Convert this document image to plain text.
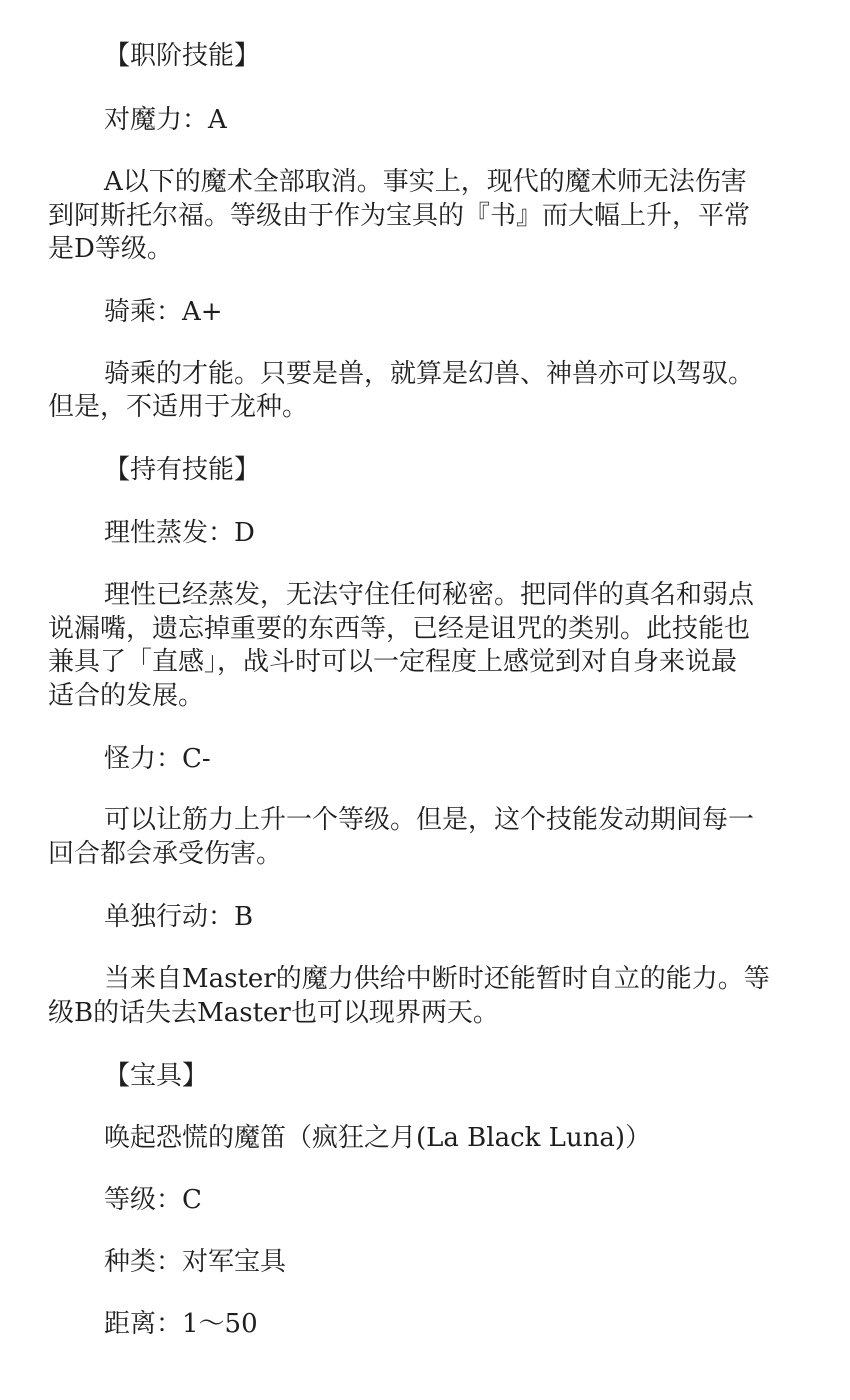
【职阶技能】
对魔力：A
A以下的魔术全部取消。事实上，现代的魔术师无法伤害
到阿斯托尔福。等级由于作为宝具的『书』而大幅上升，平常
是D等级。
骑乘：A+
骑乘的才能。只要是兽，就算是幻兽、神兽亦可以驾驭。
但是，不适用于龙种。
【持有技能】
理性蒸发：D
理性已经蒸发，无法守住任何秘密。把同伴的真名和弱点
说漏嘴，遗忘掉重要的东西等，已经是诅咒的类别。此技能也
兼具了「直感」，战斗时可以一定程度上感觉到对自身来说最
适合的发展。
怪力：C-
可以让筋力上升一个等级。但是，这个技能发动期间每一
回合都会承受伤害。
单独行动：B
当来自Master的魔力供给中断时还能暂时自立的能力。等
级B的话失去Master也可以现界两天。
【宝具】
唤起恐慌的魔笛（疯狂之月(La Black Luna)）
等级：C
种类：对军宝具
距离：1～50
